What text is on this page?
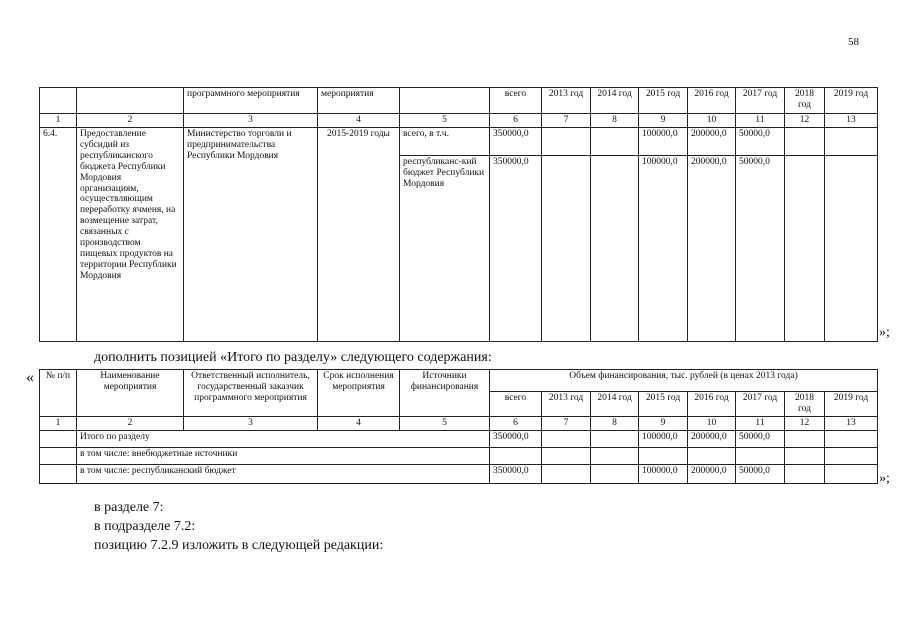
58
		программного мероприятия	мероприятия		всего	2013 год	2014 год	2015 год	2016 год	2017 год	2018 год	2019 год
1	2	3	4	5	6	7	8	9	10	11	12	13
6.4.	Предоставление субсидий из республиканского бюджета Республики Мордовия организациям, осуществляющим переработку ячменя, на возмещение затрат, связанных с производством пищевых продуктов на территории Республики Мордовия	Министерство торговли и предпринимательства Республики Мордовия	2015-2019 годы	всего, в т.ч.	350000,0			100000,0	200000,0	50000,0		
				республиканс-кий бюджет Республики Мордовия	350000,0			100000,0	200000,0	50000,0		
»;
дополнить позицией «Итого по разделу» следующего содержания:
« № п/п	Наименование мероприятия	Ответственный исполнитель, государственный заказчик программного мероприятия	Срок исполнения мероприятия	Источники финансирования	Объем финансирования, тыс. рублей (в ценах 2013 года)							
					всего	2013 год	2014 год	2015 год	2016 год	2017 год	2018 год	2019 год
1	2	3	4	5	6	7	8	9	10	11	12	13
	Итого по разделу				350000,0			100000,0	200000,0	50000,0		
	в том числе: внебюджетные источники											
	в том числе: республиканский бюджет				350000,0			100000,0	200000,0	50000,0		
»;
в разделе 7:
в подразделе 7.2:
позицию 7.2.9 изложить в следующей редакции:
